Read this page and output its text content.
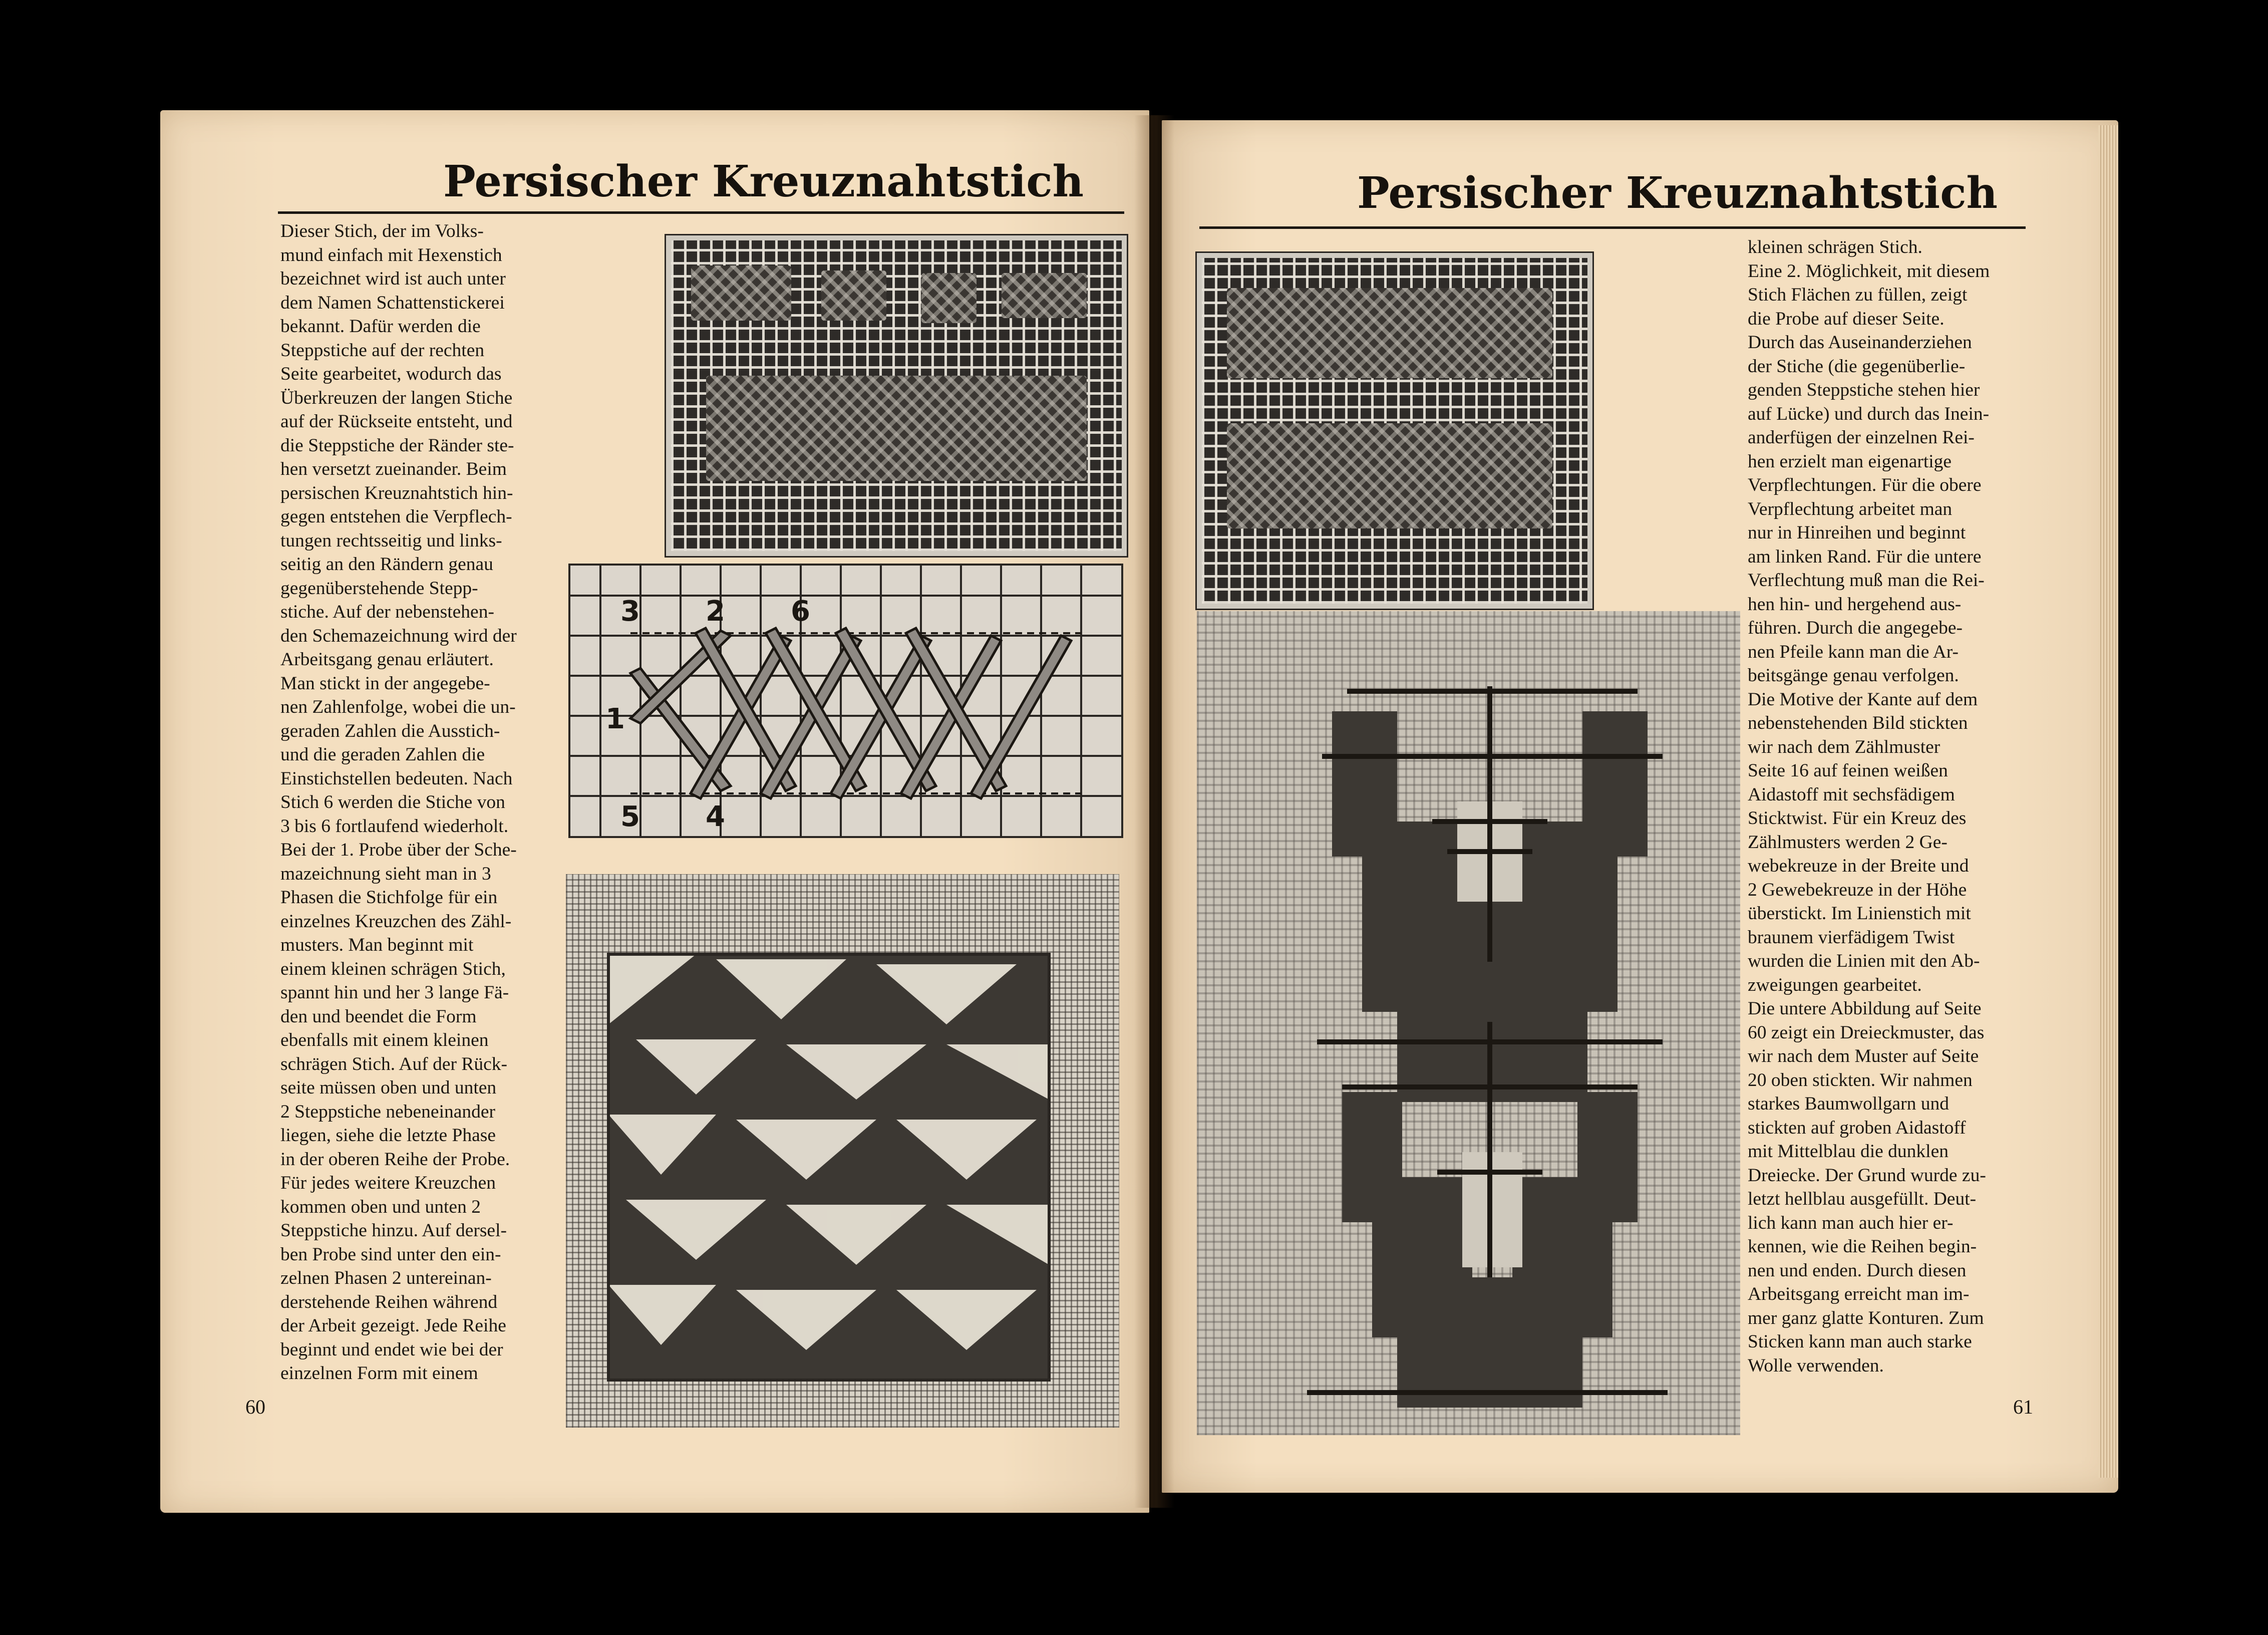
Persischer Kreuznahtstich
Dieser Stich, der im Volks-
mund einfach mit Hexenstich
bezeichnet wird ist auch unter
dem Namen Schattenstickerei
bekannt. Dafür werden die
Steppstiche auf der rechten
Seite gearbeitet, wodurch das
Überkreuzen der langen Stiche
auf der Rückseite entsteht, und
die Steppstiche der Ränder ste-
hen versetzt zueinander. Beim
persischen Kreuznahtstich hin-
gegen entstehen die Verpflech-
tungen rechtsseitig und links-
seitig an den Rändern genau
gegenüberstehende Stepp-
stiche. Auf der nebenstehen-
den Schemazeichnung wird der
Arbeitsgang genau erläutert.
Man stickt in der angegebe-
nen Zahlenfolge, wobei die un-
geraden Zahlen die Ausstich-
und die geraden Zahlen die
Einstichstellen bedeuten. Nach
Stich 6 werden die Stiche von
3 bis 6 fortlaufend wiederholt.
Bei der 1. Probe über der Sche-
mazeichnung sieht man in 3
Phasen die Stichfolge für ein
einzelnes Kreuzchen des Zähl-
musters. Man beginnt mit
einem kleinen schrägen Stich,
spannt hin und her 3 lange Fä-
den und beendet die Form
ebenfalls mit einem kleinen
schrägen Stich. Auf der Rück-
seite müssen oben und unten
2 Steppstiche nebeneinander
liegen, siehe die letzte Phase
in der oberen Reihe der Probe.
Für jedes weitere Kreuzchen
kommen oben und unten 2
Steppstiche hinzu. Auf dersel-
ben Probe sind unter den ein-
zelnen Phasen 2 untereinan-
derstehende Reihen während
der Arbeit gezeigt. Jede Reihe
beginnt und endet wie bei der
einzelnen Form mit einem
60
3 2 6
1
5 4
Persischer Kreuznahtstich
kleinen schrägen Stich.
Eine 2. Möglichkeit, mit diesem
Stich Flächen zu füllen, zeigt
die Probe auf dieser Seite.
Durch das Auseinanderziehen
der Stiche (die gegenüberlie-
genden Steppstiche stehen hier
auf Lücke) und durch das Inein-
anderfügen der einzelnen Rei-
hen erzielt man eigenartige
Verpflechtungen. Für die obere
Verpflechtung arbeitet man
nur in Hinreihen und beginnt
am linken Rand. Für die untere
Verflechtung muß man die Rei-
hen hin- und hergehend aus-
führen. Durch die angegebe-
nen Pfeile kann man die Ar-
beitsgänge genau verfolgen.
Die Motive der Kante auf dem
nebenstehenden Bild stickten
wir nach dem Zählmuster
Seite 16 auf feinen weißen
Aidastoff mit sechsfädigem
Sticktwist. Für ein Kreuz des
Zählmusters werden 2 Ge-
webekreuze in der Breite und
2 Gewebekreuze in der Höhe
überstickt. Im Linienstich mit
braunem vierfädigem Twist
wurden die Linien mit den Ab-
zweigungen gearbeitet.
Die untere Abbildung auf Seite
60 zeigt ein Dreieckmuster, das
wir nach dem Muster auf Seite
20 oben stickten. Wir nahmen
starkes Baumwollgarn und
stickten auf groben Aidastoff
mit Mittelblau die dunklen
Dreiecke. Der Grund wurde zu-
letzt hellblau ausgefüllt. Deut-
lich kann man auch hier er-
kennen, wie die Reihen begin-
nen und enden. Durch diesen
Arbeitsgang erreicht man im-
mer ganz glatte Konturen. Zum
Sticken kann man auch starke
Wolle verwenden.
61
